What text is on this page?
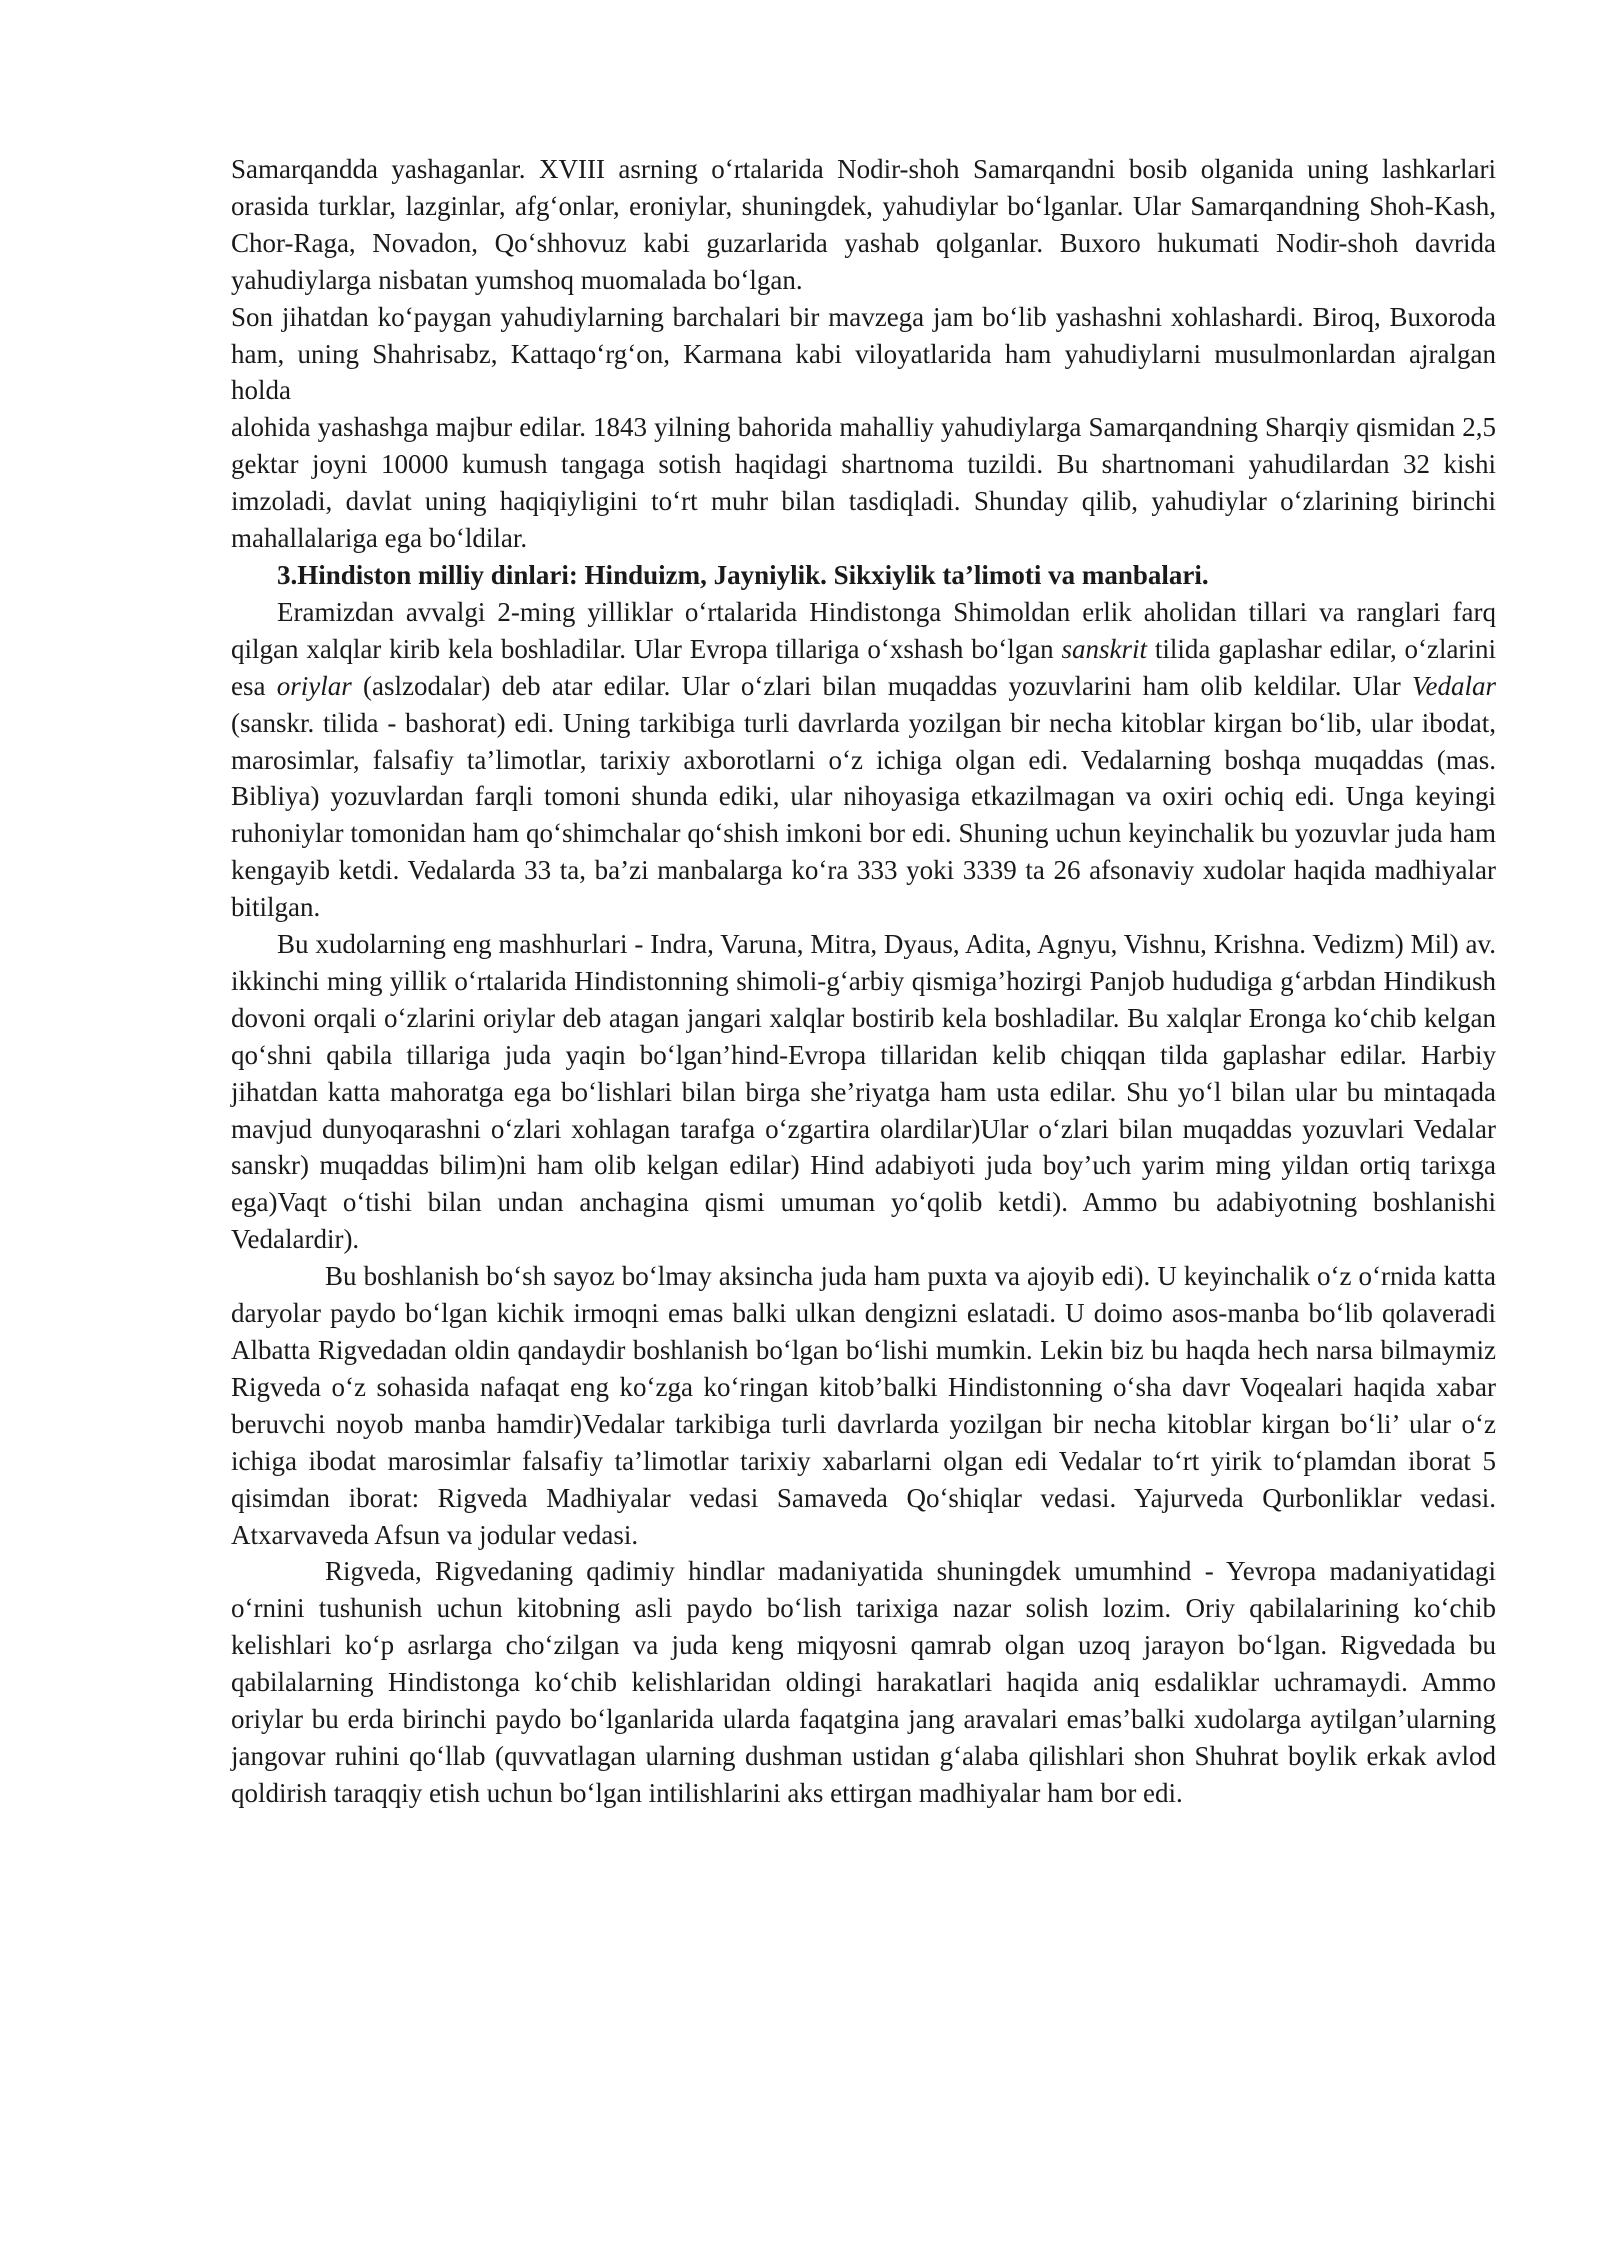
Samarqandda yashaganlar. XVIII asrning o‘rtalarida Nodir-shoh Samarqandni bosib olganida uning lashkarlari orasida turklar, lazginlar, afg‘onlar, eroniylar, shuningdek, yahudiylar bo‘lganlar. Ular Samarqandning Shoh-Kash, Chor-Raga, Novadon, Qo‘shhovuz kabi guzarlarida yashab qolganlar. Buxoro hukumati Nodir-shoh davrida yahudiylarga nisbatan yumshoq muomalada bo‘lgan.

Son jihatdan ko‘paygan yahudiylarning barchalari bir mavzega jam bo‘lib yashashni xohlashardi. Biroq, Buxoroda ham, uning Shahrisabz, Kattaqo‘rg‘on, Karmana kabi viloyatlarida ham yahudiylarni musulmonlardan ajralgan holda

alohida yashashga majbur edilar. 1843 yilning bahorida mahalliy yahudiylarga Samarqandning Sharqiy qismidan 2,5 gektar joyni 10000 kumush tangaga sotish haqidagi shartnoma tuzildi. Bu shartnomani yahudilardan 32 kishi imzoladi, davlat uning haqiqiyligini to‘rt muhr bilan tasdiqladi. Shunday qilib, yahudiylar o‘zlarining birinchi mahallalariga ega bo‘ldilar.

3.Hindiston milliy dinlari: Hinduizm, Jayniylik. Sikxiylik ta’limoti va manbalari.

Eramizdan avvalgi 2-ming yilliklar o‘rtalarida Hindistonga Shimoldan erlik aholidan tillari va ranglari farq qilgan xalqlar kirib kela boshladilar. Ular Evropa tillariga o‘xshash bo‘lgan sanskrit tilida gaplashar edilar, o‘zlarini esa oriylar (aslzodalar) deb atar edilar. Ular o‘zlari bilan muqaddas yozuvlarini ham olib keldilar. Ular Vedalar (sanskr. tilida - bashorat) edi. Uning tarkibiga turli davrlarda yozilgan bir necha kitoblar kirgan bo‘lib, ular ibodat, marosimlar, falsafiy ta’limotlar, tarixiy axborotlarni o‘z ichiga olgan edi. Vedalarning boshqa muqaddas (mas. Bibliya) yozuvlardan farqli tomoni shunda ediki, ular nihoyasiga etkazilmagan va oxiri ochiq edi. Unga keyingi ruhoniylar tomonidan ham qo‘shimchalar qo‘shish imkoni bor edi. Shuning uchun keyinchalik bu yozuvlar juda ham kengayib ketdi. Vedalarda 33 ta, ba’zi manbalarga ko‘ra 333 yoki 3339 ta 26 afsonaviy xudolar haqida madhiyalar bitilgan.

Bu xudolarning eng mashhurlari - Indra, Varuna, Mitra, Dyaus, Adita, Agnyu, Vishnu, Krishna. Vedizm) Mil) av. ikkinchi ming yillik o‘rtalarida Hindistonning shimoli-g‘arbiy qismiga’hozirgi Panjob hududiga g‘arbdan Hindikush dovoni orqali o‘zlarini oriylar deb atagan jangari xalqlar bostirib kela boshladilar. Bu xalqlar Eronga ko‘chib kelgan qo‘shni qabila tillariga juda yaqin bo‘lgan’hind-Evropa tillaridan kelib chiqqan tilda gaplashar edilar. Harbiy jihatdan katta mahoratga ega bo‘lishlari bilan birga she’riyatga ham usta edilar. Shu yo‘l bilan ular bu mintaqada mavjud dunyoqarashni o‘zlari xohlagan tarafga o‘zgartira olardilar)Ular o‘zlari bilan muqaddas yozuvlari Vedalar sanskr) muqaddas bilim)ni ham olib kelgan edilar) Hind adabiyoti juda boy’uch yarim ming yildan ortiq tarixga ega)Vaqt o‘tishi bilan undan anchagina qismi umuman yo‘qolib ketdi). Ammo bu adabiyotning boshlanishi Vedalardir).

Bu boshlanish bo‘sh sayoz bo‘lmay aksincha juda ham puxta va ajoyib edi). U keyinchalik o‘z o‘rnida katta daryolar paydo bo‘lgan kichik irmoqni emas balki ulkan dengizni eslatadi. U doimo asos-manba bo‘lib qolaveradi Albatta Rigvedadan oldin qandaydir boshlanish bo‘lgan bo‘lishi mumkin. Lekin biz bu haqda hech narsa bilmaymiz Rigveda o‘z sohasida nafaqat eng ko‘zga ko‘ringan kitob’balki Hindistonning o‘sha davr Voqealari haqida xabar beruvchi noyob manba hamdir)Vedalar tarkibiga turli davrlarda yozilgan bir necha kitoblar kirgan bo‘li’ ular o‘z ichiga ibodat marosimlar falsafiy ta’limotlar tarixiy xabarlarni olgan edi Vedalar to‘rt yirik to‘plamdan iborat 5 qisimdan iborat: Rigveda Madhiyalar vedasi Samaveda Qo‘shiqlar vedasi. Yajurveda Qurbonliklar vedasi. Atxarvaveda Afsun va jodular vedasi.

Rigveda, Rigvedaning qadimiy hindlar madaniyatida shuningdek umumhind - Yevropa madaniyatidagi o‘rnini tushunish uchun kitobning asli paydo bo‘lish tarixiga nazar solish lozim. Oriy qabilalarining ko‘chib kelishlari ko‘p asrlarga cho‘zilgan va juda keng miqyosni qamrab olgan uzoq jarayon bo‘lgan. Rigvedada bu qabilalarning Hindistonga ko‘chib kelishlaridan oldingi harakatlari haqida aniq esdaliklar uchramaydi. Ammo oriylar bu erda birinchi paydo bo‘lganlarida ularda faqatgina jang aravalari emas’balki xudolarga aytilgan’ularning jangovar ruhini qo‘llab (quvvatlagan ularning dushman ustidan g‘alaba qilishlari shon Shuhrat boylik erkak avlod qoldirish taraqqiy etish uchun bo‘lgan intilishlarini aks ettirgan madhiyalar ham bor edi.
